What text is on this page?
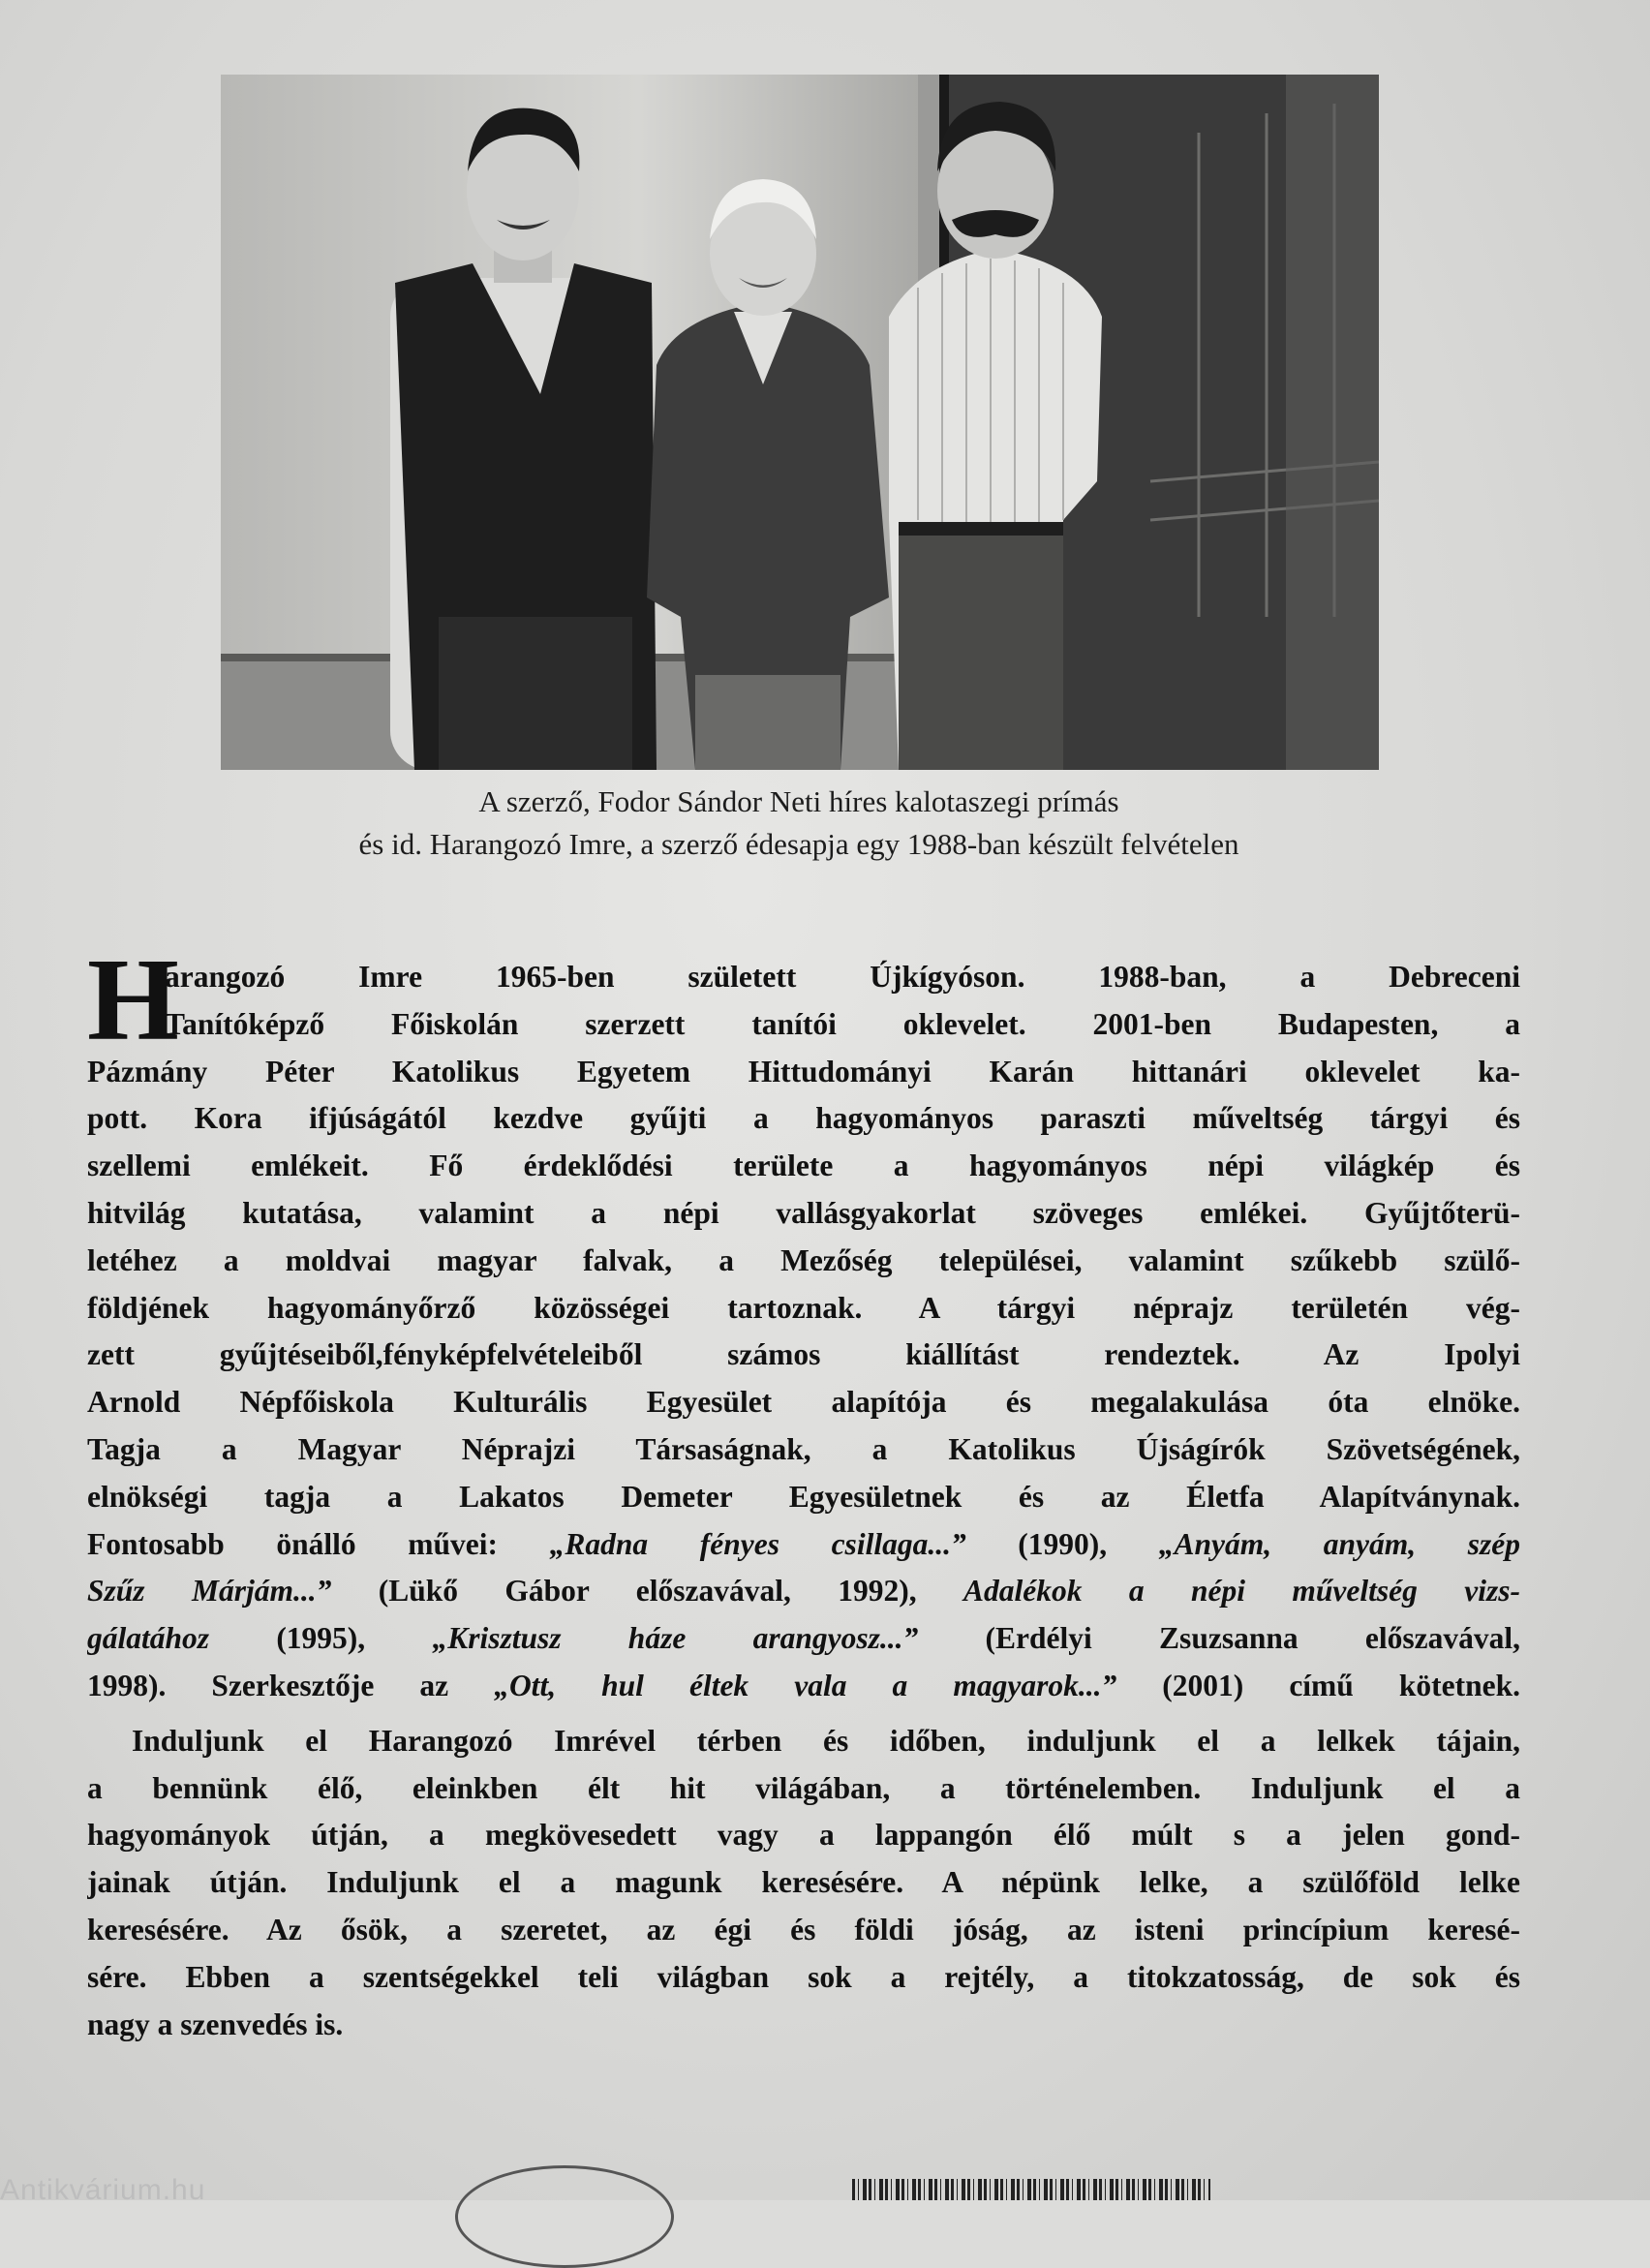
A szerző, Fodor Sándor Neti híres kalotaszegi prímás
és id. Harangozó Imre, a szerző édesapja egy 1988-ban készült felvételen
H
arangozó Imre 1965-ben született Újkígyóson. 1988-ban, a Debreceni
Tanítóképző Főiskolán szerzett tanítói oklevelet. 2001-ben Budapesten, a
Pázmány Péter Katolikus Egyetem Hittudományi Karán hittanári oklevelet ka-
pott. Kora ifjúságától kezdve gyűjti a hagyományos paraszti műveltség tárgyi és
szellemi emlékeit. Fő érdeklődési területe a hagyományos népi világkép és
hitvilág kutatása, valamint a népi vallásgyakorlat szöveges emlékei. Gyűjtőterü-
letéhez a moldvai magyar falvak, a Mezőség települései, valamint szűkebb szülő-
földjének hagyományőrző közösségei tartoznak. A tárgyi néprajz területén vég-
zett gyűjtéseiből,fényképfelvételeiből számos kiállítást rendeztek. Az Ipolyi
Arnold Népfőiskola Kulturális Egyesület alapítója és megalakulása óta elnöke.
Tagja a Magyar Néprajzi Társaságnak, a Katolikus Újságírók Szövetségének,
elnökségi tagja a Lakatos Demeter Egyesületnek és az Életfa Alapítványnak.
Fontosabb önálló művei: „Radna fényes csillaga...” (1990), „Anyám, anyám, szép
Szűz Márjám...” (Lükő Gábor előszavával, 1992), Adalékok a népi műveltség vizs-
gálatához (1995), „Krisztusz háze arangyosz...” (Erdélyi Zsuzsanna előszavával,
1998). Szerkesztője az „Ott, hul éltek vala a magyarok...” (2001) című kötetnek.
Induljunk el Harangozó Imrével térben és időben, induljunk el a lelkek tájain,
a bennünk élő, eleinkben élt hit világában, a történelemben. Induljunk el a
hagyományok útján, a megkövesedett vagy a lappangón élő múlt s a jelen gond-
jainak útján. Induljunk el a magunk keresésére. A népünk lelke, a szülőföld lelke
keresésére. Az ősök, a szeretet, az égi és földi jóság, az isteni princípium keresé-
sére. Ebben a szentségekkel teli világban sok a rejtély, a titokzatosság, de sok és
nagy a szenvedés is.
Antikvárium.hu
